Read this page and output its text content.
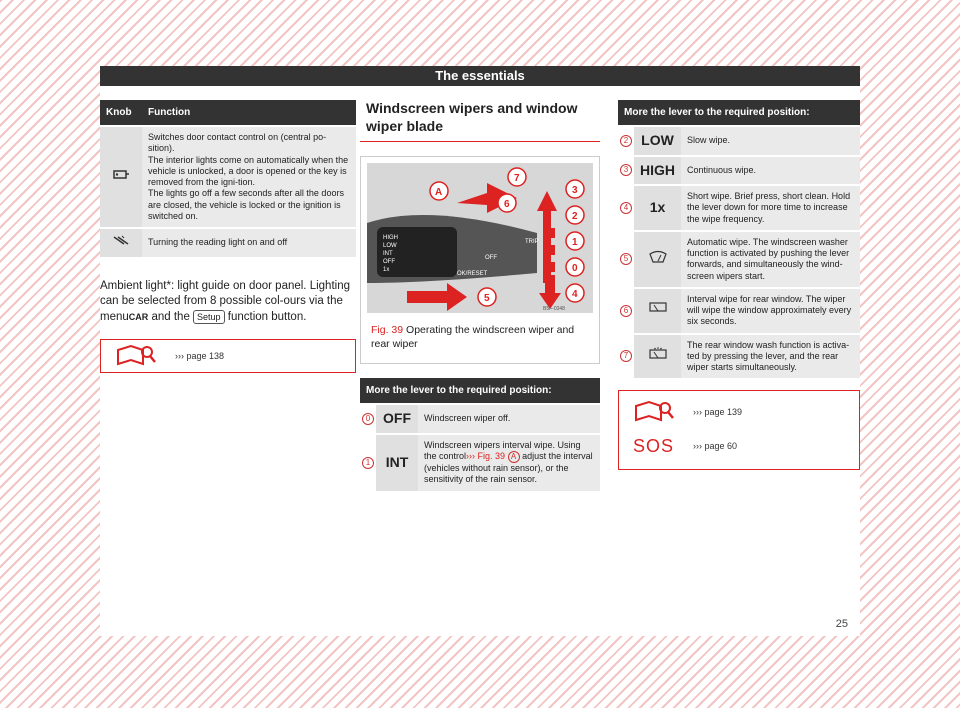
The essentials
Knob	Function
	Switches door contact control on (central po-sition).
The interior lights come on automatically when the vehicle is unlocked, a door is opened or the key is removed from the igni-tion.
The lights go off a few seconds after all the doors are closed, the vehicle is locked or the ignition is switched on.
	Turning the reading light on and off

Ambient light*: light guide on door panel. Lighting can be selected from 8 possible col-ours via the menuCAR and the Setup function button.

››› page 138
Windscreen wipers and window wiper blade
HIGH
LOW
INT
OFF
1x
OK/RESET
OFF
TRIP
A
7
6
5
3
2
1
0
4
B5F-0348

Fig. 39 Operating the windscreen wiper and rear wiper

More the lever to the required position:		
0	OFF	Windscreen wiper off.
1	INT	Windscreen wipers interval wipe. Using the control››› Fig. 39 A adjust the interval (vehicles without rain sensor), or the sensitivity of the rain sensor.
More the lever to the required position:		
2	LOW	Slow wipe.
3	HIGH	Continuous wipe.
4	1x	Short wipe. Brief press, short clean. Hold the lever down for more time to increase the wipe frequency.
5		Automatic wipe. The windscreen washer function is activated by pushing the lever forwards, and simultaneously the wind-screen wipers start.
6		Interval wipe for rear window. The wiper will wipe the window approximately every six seconds.
7		The rear window wash function is activa-ted by pressing the lever, and the rear wiper starts simultaneously.
››› page 139
SOS ››› page 60
25
